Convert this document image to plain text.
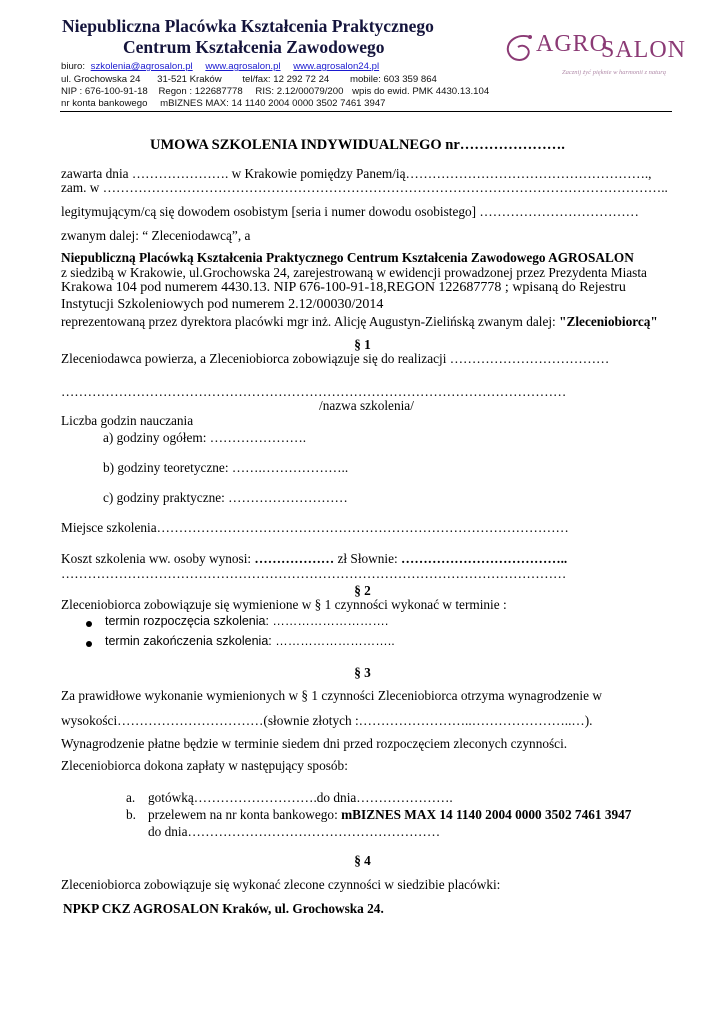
Niepubliczna Placówka Kształcenia Praktycznego
Centrum Kształcenia Zawodowego
biuro: szkolenia@agrosalon.pl www.agrosalon.pl www.agrosalon24.pl
ul. Grochowska 24 31-521 Kraków tel/fax: 12 292 72 24 mobile: 603 359 864
NIP : 676-100-91-18 Regon : 122687778 RIS: 2.12/00079/200 wpis do ewid. PMK 4430.13.104
nr konta bankowego mBIZNES MAX: 14 1140 2004 0000 3502 7461 3947
AGRO
SALON
Zacznij żyć pięknie w harmonii z naturą
UMOWA SZKOLENIA INDYWIDUALNEGO nr………………….
zawarta dnia …………………. w Krakowie pomiędzy Panem/ią……………………………………………….,
zam. w ………………………………………………………………………………………………………………..
legitymującym/cą się dowodem osobistym [seria i numer dowodu osobistego] ………………………………
zwanym dalej: “ Zleceniodawcą”, a
Niepubliczną Placówką Kształcenia Praktycznego Centrum Kształcenia Zawodowego AGROSALON
z siedzibą w Krakowie, ul.Grochowska 24, zarejestrowaną w ewidencji prowadzonej przez Prezydenta Miasta
Krakowa 104 pod numerem 4430.13. NIP 676-100-91-18,REGON 122687778 ; wpisaną do Rejestru
Instytucji Szkoleniowych pod numerem 2.12/00030/2014
reprezentowaną przez dyrektora placówki mgr inż. Alicję Augustyn-Zielińską zwanym dalej: "Zleceniobiorcą"
§ 1
Zleceniodawca powierza, a Zleceniobiorca zobowiązuje się do realizacji ………………………………
……………………………………………………………………………………………………
/nazwa szkolenia/
Liczba godzin nauczania
a) godziny ogółem: ………………….
b) godziny teoretyczne: …….………………..
c) godziny praktyczne: ………………………
Miejsce szkolenia…………………………………………………………………………………
Koszt szkolenia ww. osoby wynosi: ……………… zł Słownie: ………………………………..
……………………………………………………………………………………………………
§ 2
Zleceniobiorca zobowiązuje się wymienione w § 1 czynności wykonać w terminie :
termin rozpoczęcia szkolenia: ……………………….
termin zakończenia szkolenia: ………………………..
§ 3
Za prawidłowe wykonanie wymienionych w § 1 czynności Zleceniobiorca otrzyma wynagrodzenie w
wysokości……………………………(słownie złotych :……………………..…………………..…).
Wynagrodzenie płatne będzie w terminie siedem dni przed rozpoczęciem zleconych czynności.
Zleceniobiorca dokona zapłaty w następujący sposób:
a. gotówką……………………….do dnia………………….
b. przelewem na nr konta bankowego: mBIZNES MAX 14 1140 2004 0000 3502 7461 3947
do dnia…………………………………………………
§ 4
Zleceniobiorca zobowiązuje się wykonać zlecone czynności w siedzibie placówki:
NPKP CKZ AGROSALON Kraków, ul. Grochowska 24.
